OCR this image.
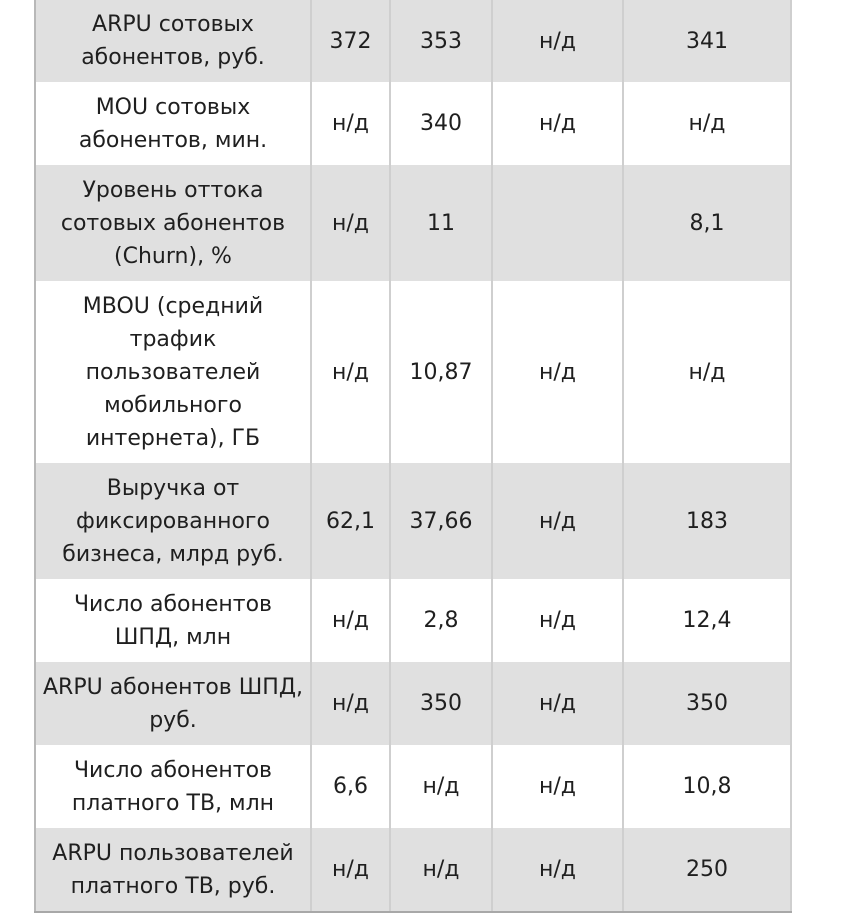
ARPU сотовых абонентов, руб.	372	353	н/д	341
MOU сотовых абонентов, мин.	н/д	340	н/д	н/д
Уровень оттока сотовых абонентов (Churn), %	н/д	11		8,1
MBOU (средний трафик пользователей мобильного интернета), ГБ	н/д	10,87	н/д	н/д
Выручка от фиксированного бизнеса, млрд руб.	62,1	37,66	н/д	183
Число абонентов ШПД, млн	н/д	2,8	н/д	12,4
ARPU абонентов ШПД, руб.	н/д	350	н/д	350
Число абонентов платного ТВ, млн	6,6	н/д	н/д	10,8
ARPU пользователей платного ТВ, руб.	н/д	н/д	н/д	250
